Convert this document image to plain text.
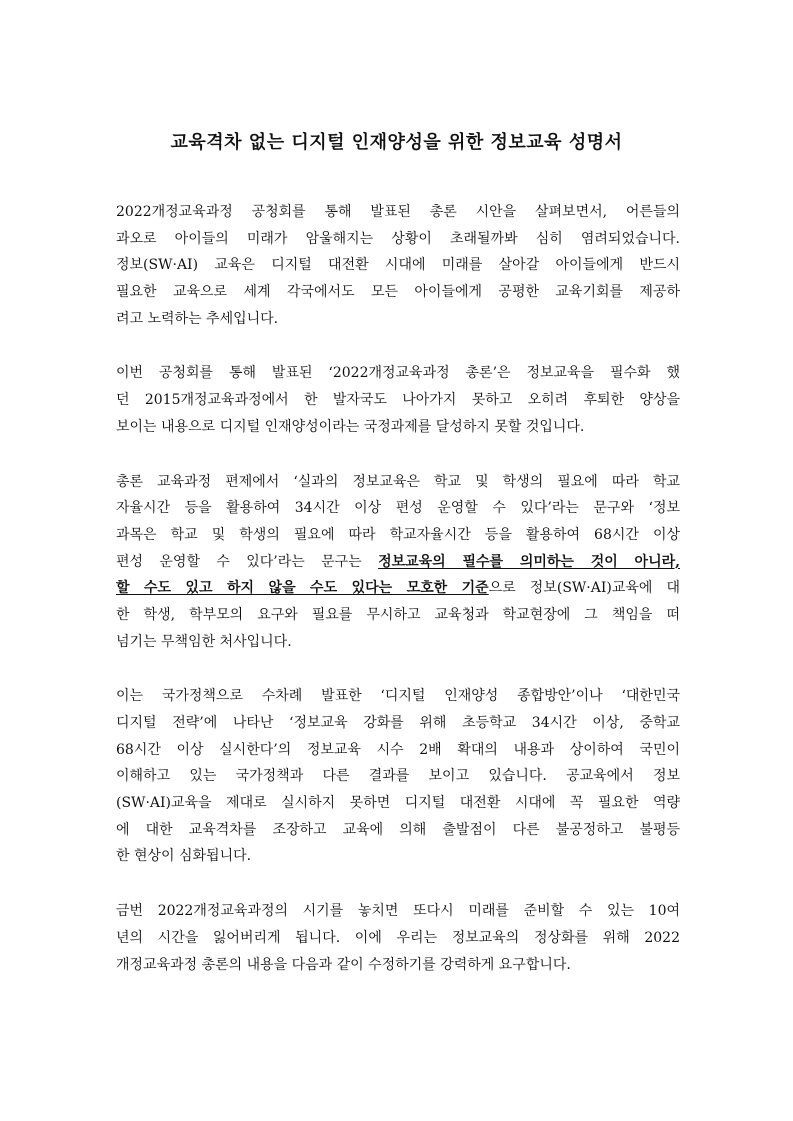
교육격차 없는 디지털 인재양성을 위한 정보교육 성명서
2022개정교육과정 공청회를 통해 발표된 총론 시안을 살펴보면서, 어른들의
과오로 아이들의 미래가 암울해지는 상황이 초래될까봐 심히 염려되었습니다.
정보(SW·AI) 교육은 디지털 대전환 시대에 미래를 살아갈 아이들에게 반드시
필요한 교육으로 세계 각국에서도 모든 아이들에게 공평한 교육기회를 제공하
려고 노력하는 추세입니다.
이번 공청회를 통해 발표된 ‘2022개정교육과정 총론’은 정보교육을 필수화 했
던 2015개정교육과정에서 한 발자국도 나아가지 못하고 오히려 후퇴한 양상을
보이는 내용으로 디지털 인재양성이라는 국정과제를 달성하지 못할 것입니다.
총론 교육과정 편제에서 ‘실과의 정보교육은 학교 및 학생의 필요에 따라 학교
자율시간 등을 활용하여 34시간 이상 편성 운영할 수 있다’라는 문구와 ‘정보
과목은 학교 및 학생의 필요에 따라 학교자율시간 등을 활용하여 68시간 이상
편성 운영할 수 있다’라는 문구는 정보교육의 필수를 의미하는 것이 아니라,
할 수도 있고 하지 않을 수도 있다는 모호한 기준으로 정보(SW·AI)교육에 대
한 학생, 학부모의 요구와 필요를 무시하고 교육청과 학교현장에 그 책임을 떠
넘기는 무책임한 처사입니다.
이는 국가정책으로 수차례 발표한 ‘디지털 인재양성 종합방안’이나 ‘대한민국
디지털 전략’에 나타난 ‘정보교육 강화를 위해 초등학교 34시간 이상, 중학교
68시간 이상 실시한다’의 정보교육 시수 2배 확대의 내용과 상이하여 국민이
이해하고 있는 국가정책과 다른 결과를 보이고 있습니다. 공교육에서 정보
(SW·AI)교육을 제대로 실시하지 못하면 디지털 대전환 시대에 꼭 필요한 역량
에 대한 교육격차를 조장하고 교육에 의해 출발점이 다른 불공정하고 불평등
한 현상이 심화됩니다.
금번 2022개정교육과정의 시기를 놓치면 또다시 미래를 준비할 수 있는 10여
년의 시간을 잃어버리게 됩니다. 이에 우리는 정보교육의 정상화를 위해 2022
개정교육과정 총론의 내용을 다음과 같이 수정하기를 강력하게 요구합니다.
